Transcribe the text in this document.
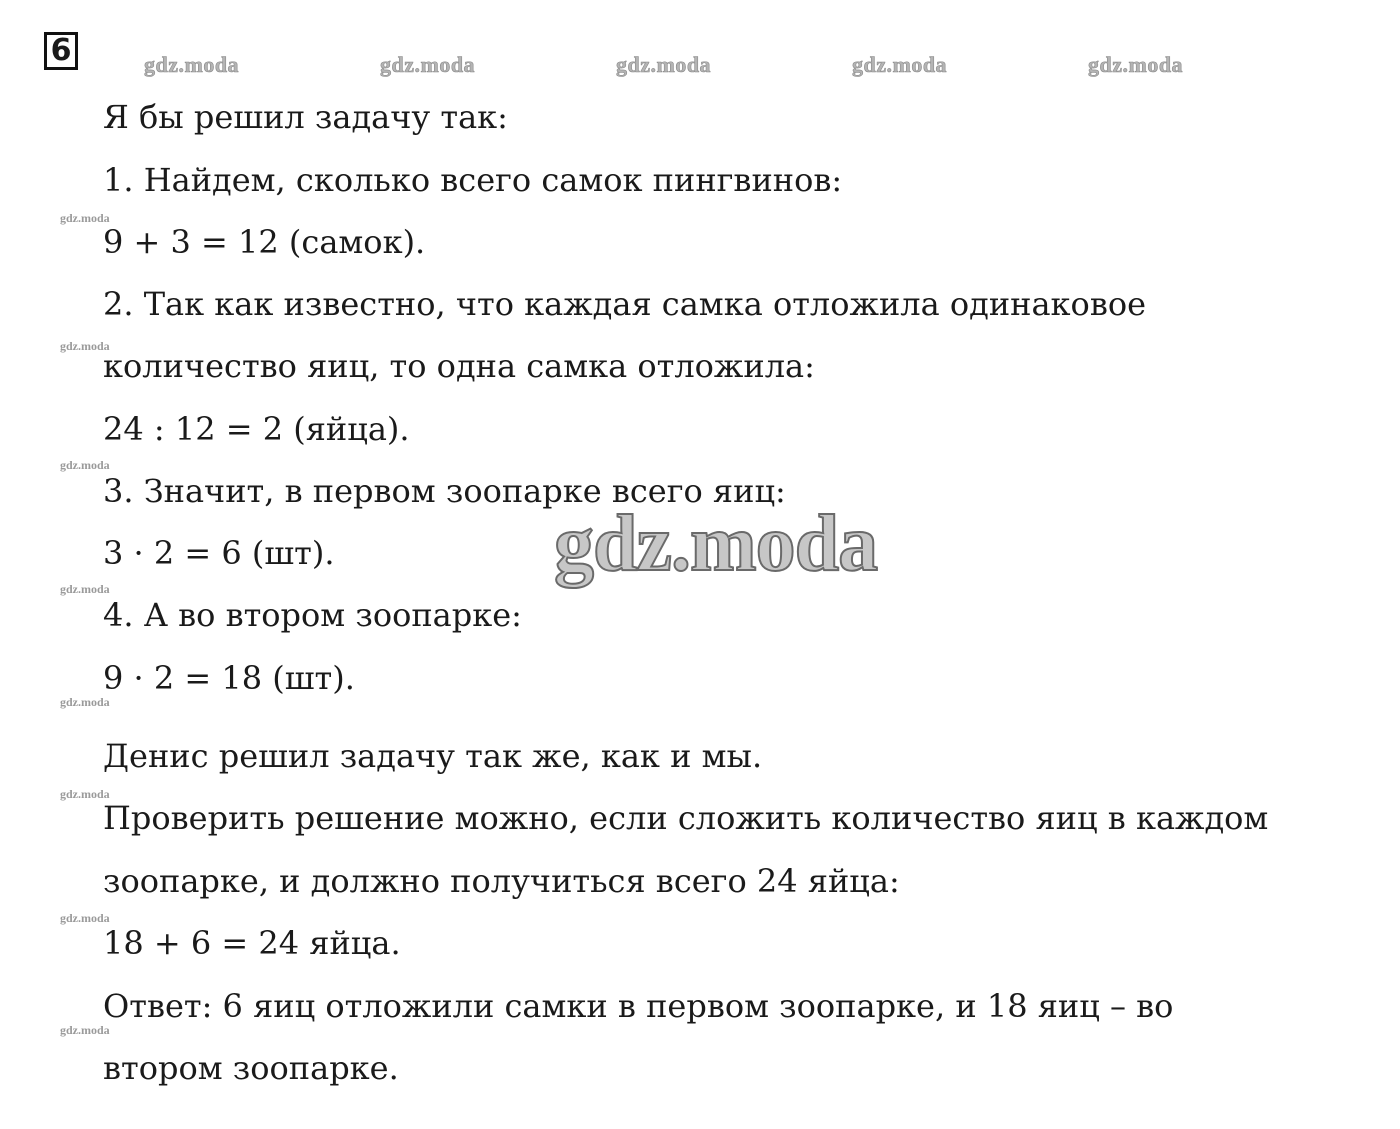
6	gdz.moda	gdz.moda	gdz.moda	gdz.moda	gdz.moda
gdz.moda
gdz.moda
gdz.moda
gdz.moda
gdz.moda
gdz.moda
gdz.moda
gdz.moda
Я бы решил задачу так:
1. Найдем, сколько всего самок пингвинов:
9 + 3 = 12 (самок).
2. Так как известно, что каждая самка отложила одинаковое
количество яиц, то одна самка отложила:
24 : 12 = 2 (яйца).
3. Значит, в первом зоопарке всего яиц:
3 · 2 = 6 (шт).
4. А во втором зоопарке:
9 · 2 = 18 (шт).
Денис решил задачу так же, как и мы.
Проверить решение можно, если сложить количество яиц в каждом
зоопарке, и должно получиться всего 24 яйца:
18 + 6 = 24 яйца.
Ответ: 6 яиц отложили самки в первом зоопарке, и 18 яиц – во
втором зоопарке.
gdz.moda
